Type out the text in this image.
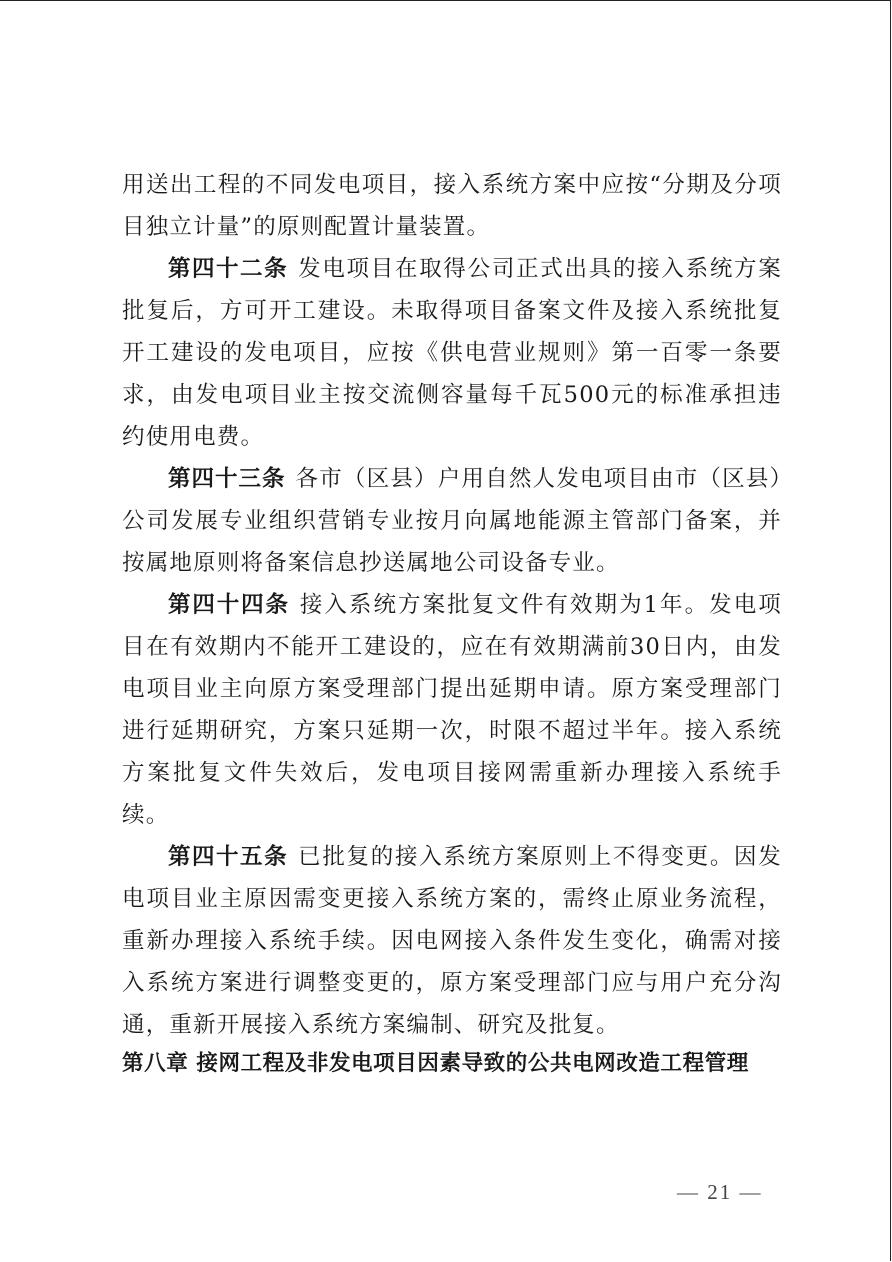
用送出工程的不同发电项目，接入系统方案中应按“分期及分项目独立计量”的原则配置计量装置。

第四十二条 发电项目在取得公司正式出具的接入系统方案批复后，方可开工建设。未取得项目备案文件及接入系统批复开工建设的发电项目，应按《供电营业规则》第一百零一条要求，由发电项目业主按交流侧容量每千瓦500元的标准承担违约使用电费。

第四十三条 各市（区县）户用自然人发电项目由市（区县）公司发展专业组织营销专业按月向属地能源主管部门备案，并按属地原则将备案信息抄送属地公司设备专业。

第四十四条 接入系统方案批复文件有效期为1年。发电项目在有效期内不能开工建设的，应在有效期满前30日内，由发电项目业主向原方案受理部门提出延期申请。原方案受理部门进行延期研究，方案只延期一次，时限不超过半年。接入系统方案批复文件失效后，发电项目接网需重新办理接入系统手续。

第四十五条 已批复的接入系统方案原则上不得变更。因发电项目业主原因需变更接入系统方案的，需终止原业务流程，重新办理接入系统手续。因电网接入条件发生变化，确需对接入系统方案进行调整变更的，原方案受理部门应与用户充分沟通，重新开展接入系统方案编制、研究及批复。

第八章 接网工程及非发电项目因素导致的公共电网改造工程管理
— 21 —
